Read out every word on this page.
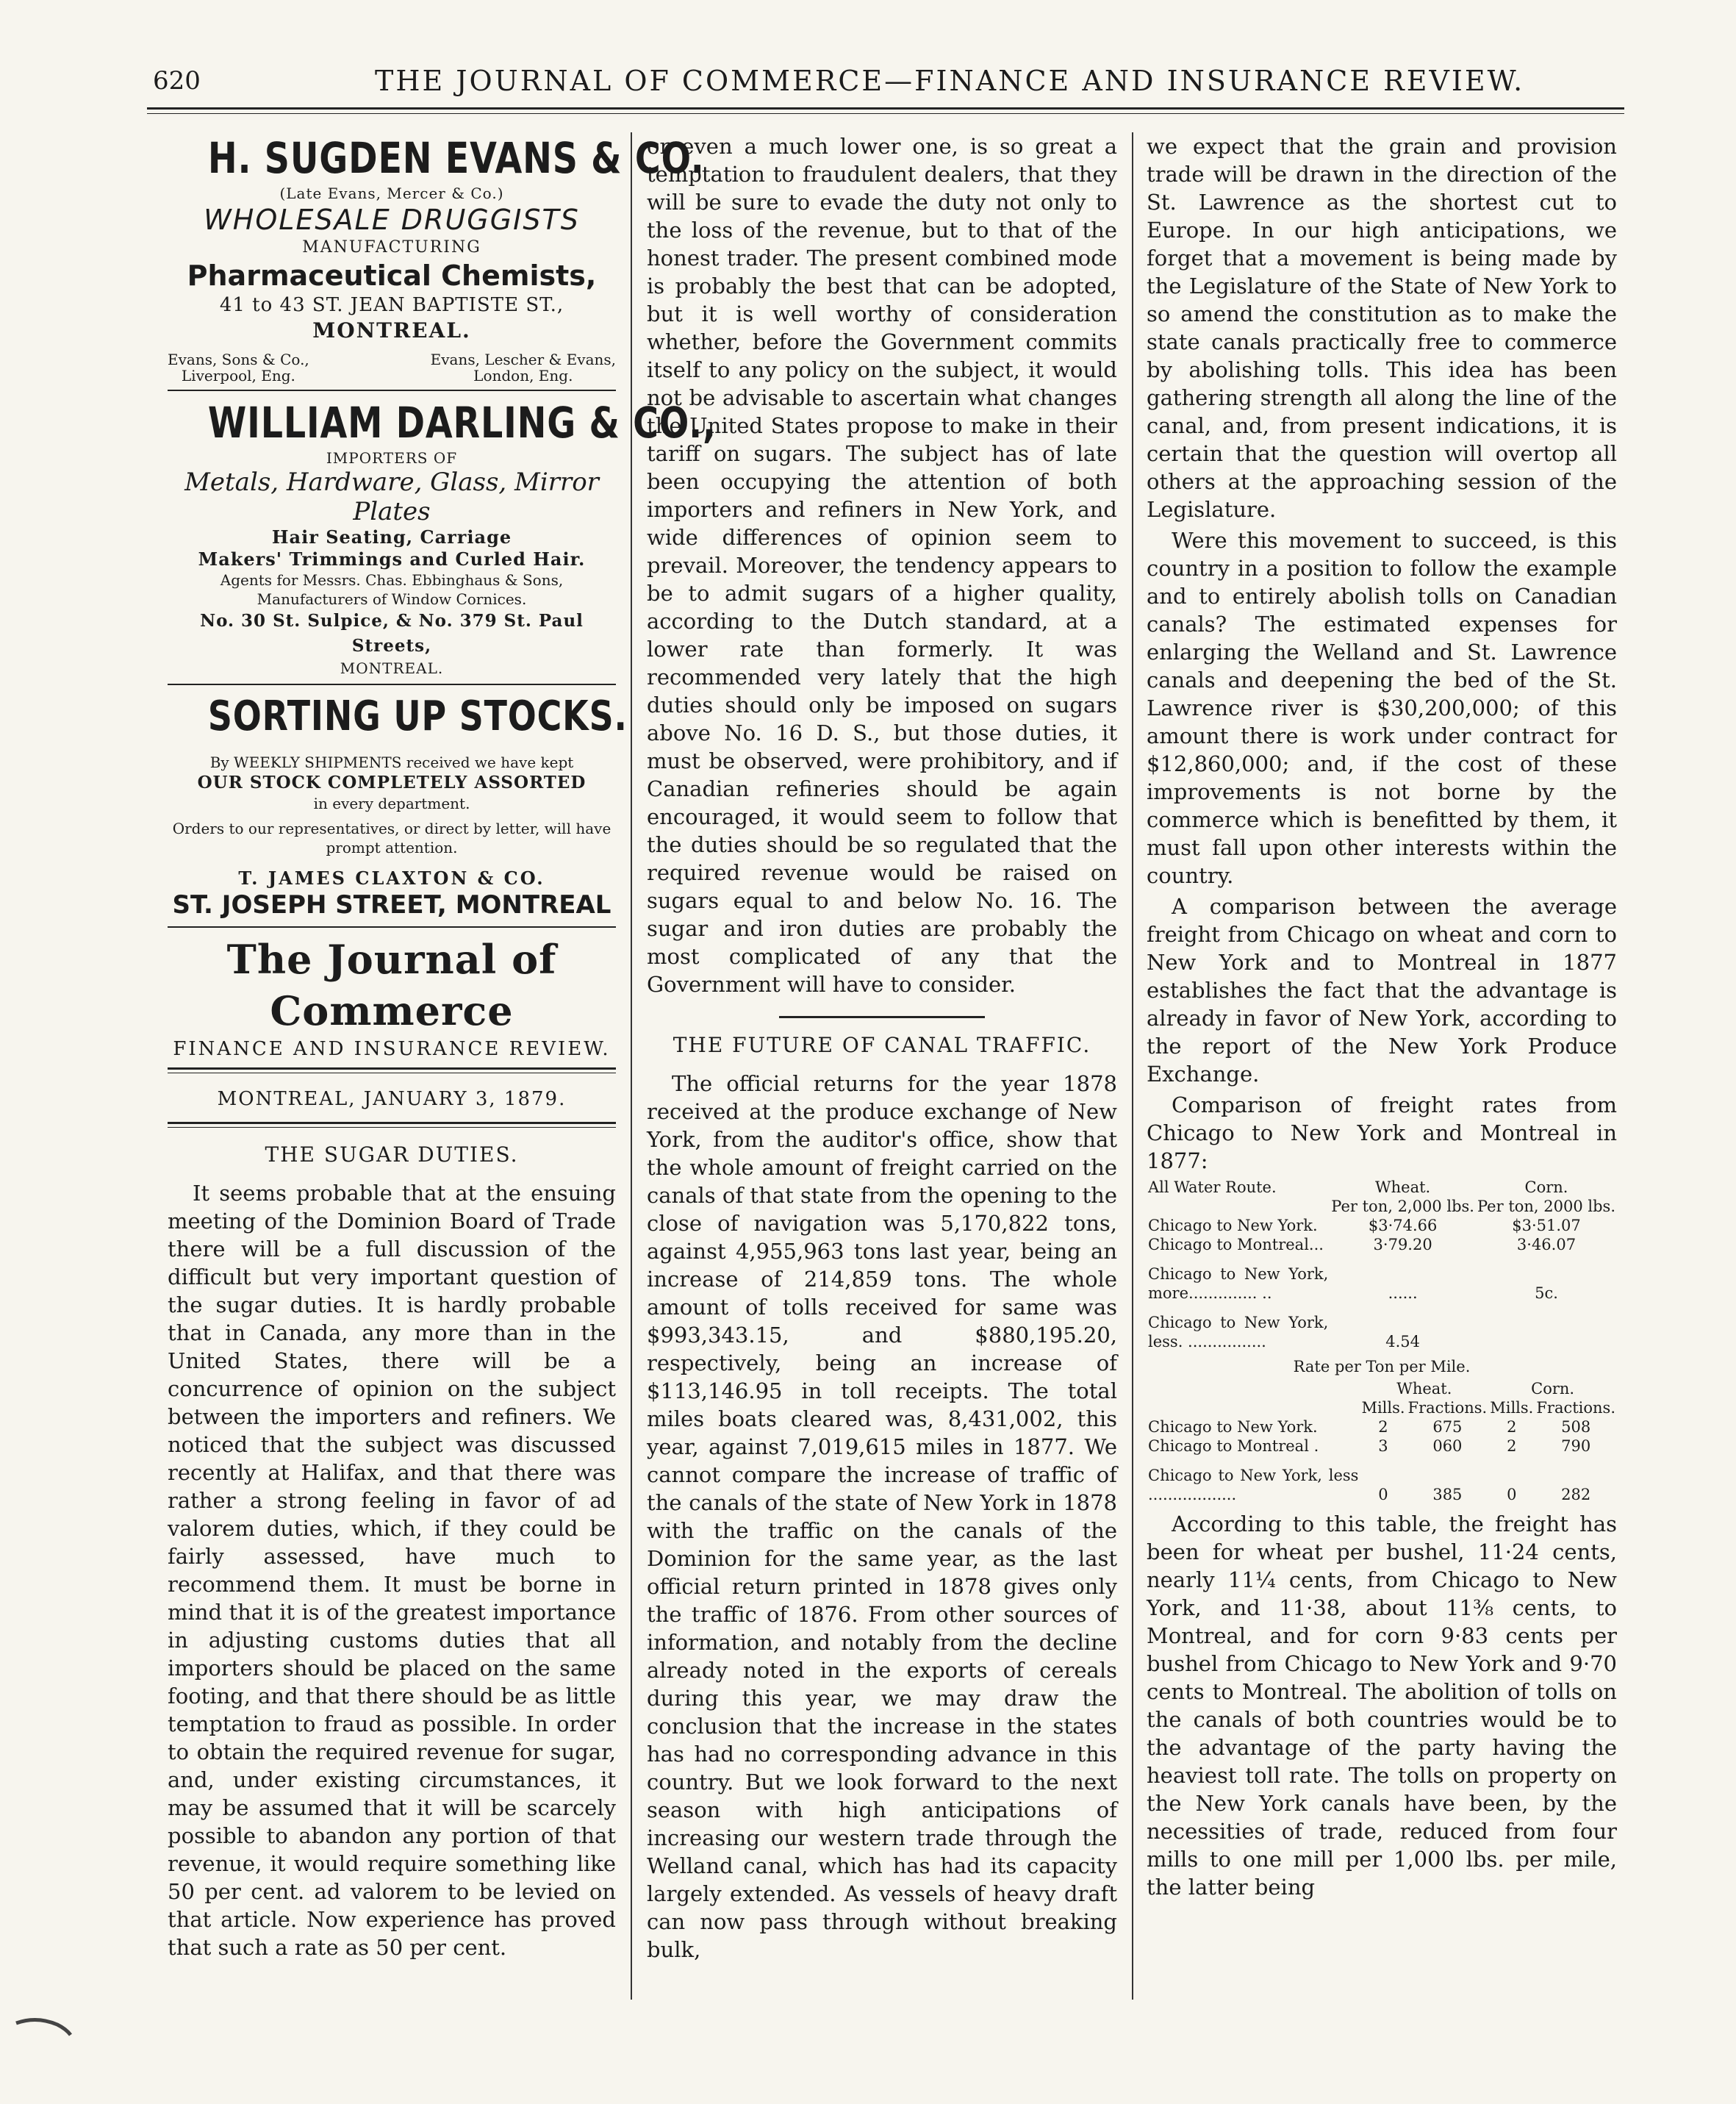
620	THE JOURNAL OF COMMERCE—FINANCE AND INSURANCE REVIEW.
H. SUGDEN EVANS & CO.
(Late Evans, Mercer & Co.)
WHOLESALE DRUGGISTS
MANUFACTURING
Pharmaceutical Chemists,
41 to 43 ST. JEAN BAPTISTE ST.,
MONTREAL.
Evans, Sons & Co.,
Liverpool, Eng.
Evans, Lescher & Evans,
London, Eng.
WILLIAM DARLING & CO.,
IMPORTERS OF
Metals, Hardware, Glass, Mirror Plates
Hair Seating, Carriage
Makers' Trimmings and Curled Hair.
Agents for Messrs. Chas. Ebbinghaus & Sons, Manufacturers of Window Cornices.
No. 30 St. Sulpice, & No. 379 St. Paul Streets,
MONTREAL.
SORTING UP STOCKS.
By WEEKLY SHIPMENTS received we have kept
OUR STOCK COMPLETELY ASSORTED
in every department.
Orders to our representatives, or direct by letter, will have prompt attention.
T. JAMES CLAXTON & CO.
ST. JOSEPH STREET, MONTREAL
The Journal of Commerce
FINANCE AND INSURANCE REVIEW.
MONTREAL, JANUARY 3, 1879.
THE SUGAR DUTIES.

It seems probable that at the ensuing meeting of the Dominion Board of Trade there will be a full discussion of the difficult but very important question of the sugar duties. It is hardly probable that in Canada, any more than in the United States, there will be a concurrence of opinion on the subject between the importers and refiners. We noticed that the subject was discussed recently at Halifax, and that there was rather a strong feeling in favor of ad valorem duties, which, if they could be fairly assessed, have much to recommend them. It must be borne in mind that it is of the greatest importance in adjusting customs duties that all importers should be placed on the same footing, and that there should be as little temptation to fraud as possible. In order to obtain the required revenue for sugar, and, under existing circumstances, it may be assumed that it will be scarcely possible to abandon any portion of that revenue, it would require something like 50 per cent. ad valorem to be levied on that article. Now experience has proved that such a rate as 50 per cent.

or even a much lower one, is so great a temptation to fraudulent dealers, that they will be sure to evade the duty not only to the loss of the revenue, but to that of the honest trader. The present combined mode is probably the best that can be adopted, but it is well worthy of consideration whether, before the Government commits itself to any policy on the subject, it would not be advisable to ascertain what changes the United States propose to make in their tariff on sugars. The subject has of late been occupying the attention of both importers and refiners in New York, and wide differences of opinion seem to prevail. Moreover, the tendency appears to be to admit sugars of a higher quality, according to the Dutch standard, at a lower rate than formerly. It was recommended very lately that the high duties should only be imposed on sugars above No. 16 D. S., but those duties, it must be observed, were prohibitory, and if Canadian refineries should be again encouraged, it would seem to follow that the duties should be so regulated that the required revenue would be raised on sugars equal to and below No. 16. The sugar and iron duties are probably the most complicated of any that the Government will have to consider.

THE FUTURE OF CANAL TRAFFIC.

The official returns for the year 1878 received at the produce exchange of New York, from the auditor's office, show that the whole amount of freight carried on the canals of that state from the opening to the close of navigation was 5,170,822 tons, against 4,955,963 tons last year, being an increase of 214,859 tons. The whole amount of tolls received for same was $993,343.15, and $880,195.20, respectively, being an increase of $113,146.95 in toll receipts. The total miles boats cleared was, 8,431,002, this year, against 7,019,615 miles in 1877. We cannot compare the increase of traffic of the canals of the state of New York in 1878 with the traffic on the canals of the Dominion for the same year, as the last official return printed in 1878 gives only the traffic of 1876. From other sources of information, and notably from the decline already noted in the exports of cereals during this year, we may draw the conclusion that the increase in the states has had no corresponding advance in this country. But we look forward to the next season with high anticipations of increasing our western trade through the Welland canal, which has had its capacity largely extended. As vessels of heavy draft can now pass through without breaking bulk,

we expect that the grain and provision trade will be drawn in the direction of the St. Lawrence as the shortest cut to Europe. In our high anticipations, we forget that a movement is being made by the Legislature of the State of New York to so amend the constitution as to make the state canals practically free to commerce by abolishing tolls. This idea has been gathering strength all along the line of the canal, and, from present indications, it is certain that the question will overtop all others at the approaching session of the Legislature.

Were this movement to succeed, is this country in a position to follow the example and to entirely abolish tolls on Canadian canals? The estimated expenses for enlarging the Welland and St. Lawrence canals and deepening the bed of the St. Lawrence river is $30,200,000; of this amount there is work under contract for $12,860,000; and, if the cost of these improvements is not borne by the commerce which is benefitted by them, it must fall upon other interests within the country.

A comparison between the average freight from Chicago on wheat and corn to New York and to Montreal in 1877 establishes the fact that the advantage is already in favor of New York, according to the report of the New York Produce Exchange.

Comparison of freight rates from Chicago to New York and Montreal in 1877:

All Water Route.	Wheat.	Corn.
	Per ton, 2,000 lbs.	Per ton, 2000 lbs.
Chicago to New York.	$3·74.66	$3·51.07
Chicago to Montreal...	3·79.20	3·46.07
Chicago to New York, more.............. ..	......	5c.
Chicago to New York, less. ................	4.54	
Rate per Ton per Mile.
	Wheat.		Corn.	
	Mills.	Fractions.	Mills.	Fractions.
Chicago to New York.	2	675	2	508
Chicago to Montreal .	3	060	2	790
Chicago to New York, less ..................	0	385	0	282

According to this table, the freight has been for wheat per bushel, 11·24 cents, nearly 11¼ cents, from Chicago to New York, and 11·38, about 11⅜ cents, to Montreal, and for corn 9·83 cents per bushel from Chicago to New York and 9·70 cents to Montreal. The abolition of tolls on the canals of both countries would be to the advantage of the party having the heaviest toll rate. The tolls on property on the New York canals have been, by the necessities of trade, reduced from four mills to one mill per 1,000 lbs. per mile, the latter being
